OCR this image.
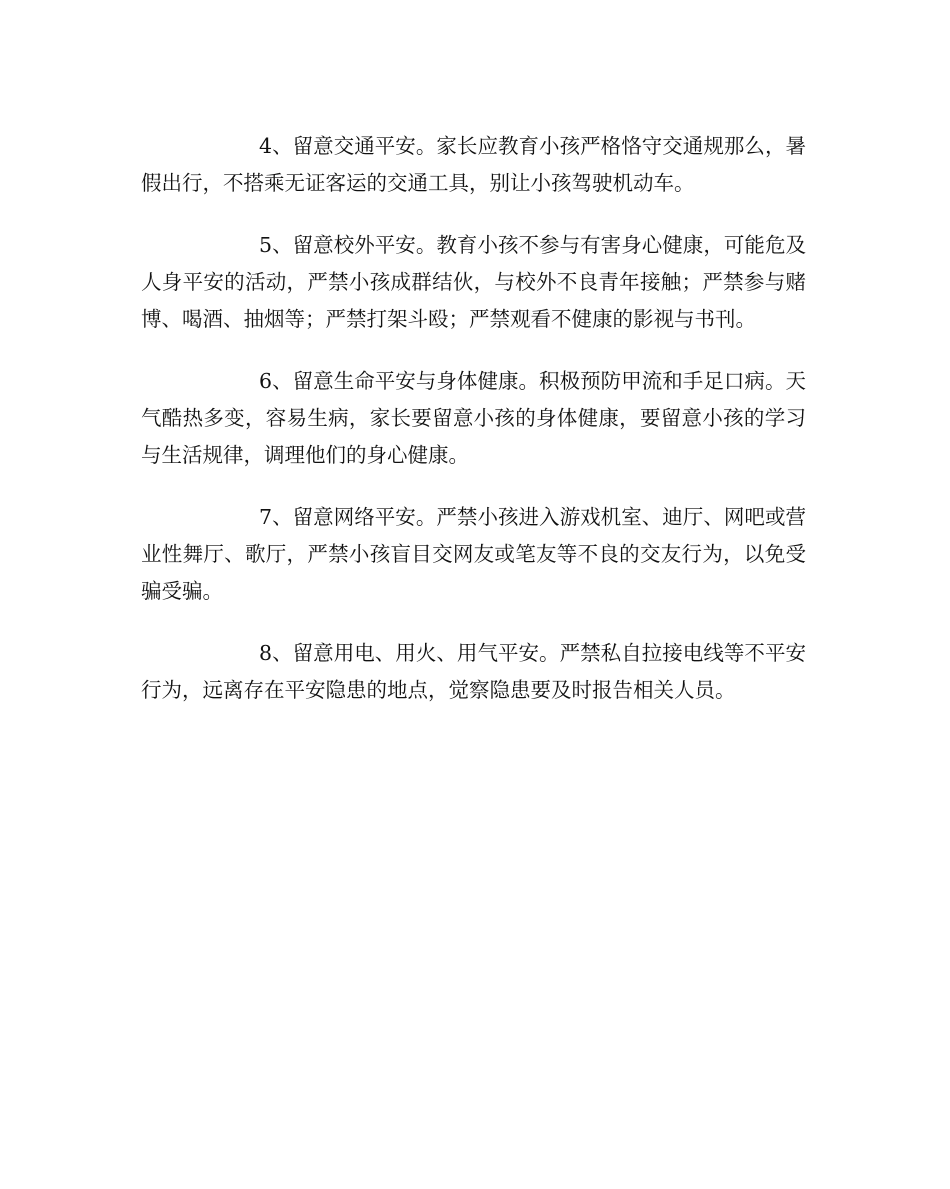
4、留意交通平安。家长应教育小孩严格恪守交通规那么，暑假出行，不搭乘无证客运的交通工具，别让小孩驾驶机动车。

5、留意校外平安。教育小孩不参与有害身心健康，可能危及人身平安的活动，严禁小孩成群结伙，与校外不良青年接触；严禁参与赌博、喝酒、抽烟等；严禁打架斗殴；严禁观看不健康的影视与书刊。

6、留意生命平安与身体健康。积极预防甲流和手足口病。天气酷热多变，容易生病，家长要留意小孩的身体健康，要留意小孩的学习与生活规律，调理他们的身心健康。

7、留意网络平安。严禁小孩进入游戏机室、迪厅、网吧或营业性舞厅、歌厅，严禁小孩盲目交网友或笔友等不良的交友行为，以免受骗受骗。

8、留意用电、用火、用气平安。严禁私自拉接电线等不平安行为，远离存在平安隐患的地点，觉察隐患要及时报告相关人员。
